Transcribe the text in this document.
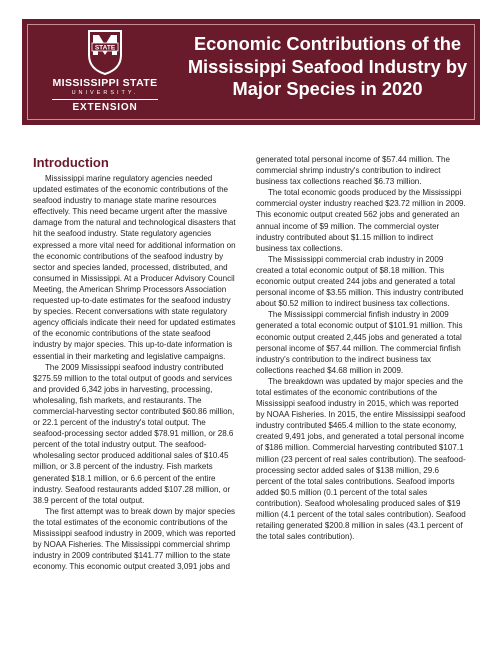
STATE
MISSISSIPPI STATE
UNIVERSITY.
EXTENSION
Economic Contributions of the
Mississippi Seafood Industry by
Major Species in 2020
Introduction

Mississippi marine regulatory agencies needed updated estimates of the economic contributions of the seafood industry to manage state marine resources effectively. This need became urgent after the massive damage from the natural and technological disasters that hit the seafood industry. State regulatory agencies expressed a more vital need for additional information on the economic contributions of the seafood industry by sector and species landed, processed, distributed, and consumed in Mississippi. At a Producer Advisory Council Meeting, the American Shrimp Processors Association requested up-to-date estimates for the seafood industry by species. Recent conversations with state regulatory agency officials indicate their need for updated estimates of the economic contributions of the state seafood industry by major species. This up-to-date information is essential in their marketing and legislative campaigns.

The 2009 Mississippi seafood industry contributed $275.59 million to the total output of goods and services and provided 6,342 jobs in harvesting, processing, wholesaling, fish markets, and restaurants. The commercial-harvesting sector contributed $60.86 million, or 22.1 percent of the industry's total output. The seafood-processing sector added $78.91 million, or 28.6 percent of the total industry output. The seafood-wholesaling sector produced additional sales of $10.45 million, or 3.8 percent of the industry. Fish markets generated $18.1 million, or 6.6 percent of the entire industry. Seafood restaurants added $107.28 million, or 38.9 percent of the total output.

The first attempt was to break down by major species the total estimates of the economic contributions of the Mississippi seafood industry in 2009, which was reported by NOAA Fisheries. The Mississippi commercial shrimp industry in 2009 contributed $141.77 million to the state economy. This economic output created 3,091 jobs and

generated total personal income of $57.44 million. The commercial shrimp industry's contribution to indirect business tax collections reached $6.73 million.

The total economic goods produced by the Mississippi commercial oyster industry reached $23.72 million in 2009. This economic output created 562 jobs and generated an annual income of $9 million. The commercial oyster industry contributed about $1.15 million to indirect business tax collections.

The Mississippi commercial crab industry in 2009 created a total economic output of $8.18 million. This economic output created 244 jobs and generated a total personal income of $3.55 million. This industry contributed about $0.52 million to indirect business tax collections.

The Mississippi commercial finfish industry in 2009 generated a total economic output of $101.91 million. This economic output created 2,445 jobs and generated a total personal income of $57.44 million. The commercial finfish industry's contribution to the indirect business tax collections reached $4.68 million in 2009.

The breakdown was updated by major species and the total estimates of the economic contributions of the Mississippi seafood industry in 2015, which was reported by NOAA Fisheries. In 2015, the entire Mississippi seafood industry contributed $465.4 million to the state economy, created 9,491 jobs, and generated a total personal income of $186 million. Commercial harvesting contributed $107.1 million (23 percent of real sales contribution). The seafood-processing sector added sales of $138 million, 29.6 percent of the total sales contributions. Seafood imports added $0.5 million (0.1 percent of the total sales contribution). Seafood wholesaling produced sales of $19 million (4.1 percent of the total sales contribution). Seafood retailing generated $200.8 million in sales (43.1 percent of the total sales contribution).
